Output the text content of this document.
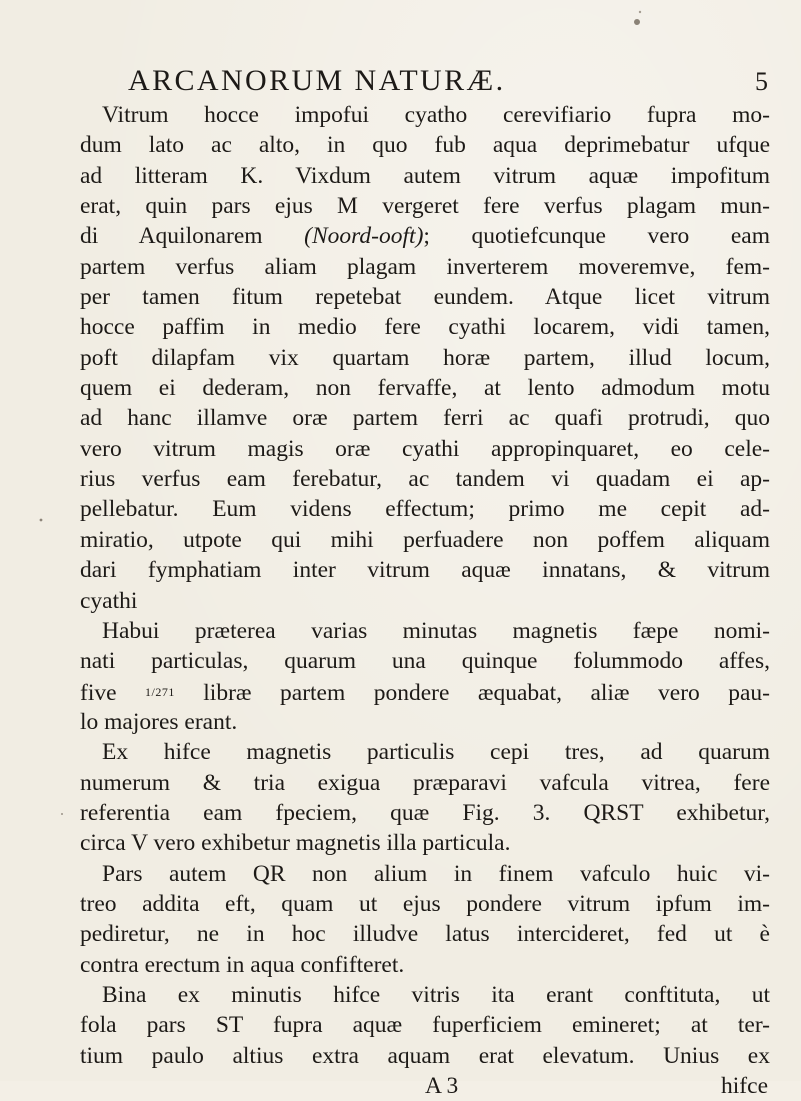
ARCANORUM NATURÆ.	5
Vitrum hocce impofui cyatho cerevifiario fupra mo-
dum lato ac alto, in quo fub aqua deprimebatur ufque
ad litteram K. Vixdum autem vitrum aquæ impofitum
erat, quin pars ejus M vergeret fere verfus plagam mun-
di Aquilonarem (Noord-ooft); quotiefcunque vero eam
partem verfus aliam plagam inverterem moveremve, fem-
per tamen fitum repetebat eundem. Atque licet vitrum
hocce paffim in medio fere cyathi locarem, vidi tamen,
poft dilapfam vix quartam horæ partem, illud locum,
quem ei dederam, non fervaffe, at lento admodum motu
ad hanc illamve oræ partem ferri ac quafi protrudi, quo
vero vitrum magis oræ cyathi appropinquaret, eo cele-
rius verfus eam ferebatur, ac tandem vi quadam ei ap-
pellebatur. Eum videns effectum; primo me cepit ad-
miratio, utpote qui mihi perfuadere non poffem aliquam
dari fymphatiam inter vitrum aquæ innatans, & vitrum
cyathi
Habui præterea varias minutas magnetis fæpe nomi-
nati particulas, quarum una quinque folummodo affes,
five 1/271 libræ partem pondere æquabat, aliæ vero pau-
lo majores erant.
Ex hifce magnetis particulis cepi tres, ad quarum
numerum & tria exigua præparavi vafcula vitrea, fere
referentia eam fpeciem, quæ Fig. 3. QRST exhibetur,
circa V vero exhibetur magnetis illa particula.
Pars autem QR non alium in finem vafculo huic vi-
treo addita eft, quam ut ejus pondere vitrum ipfum im-
pediretur, ne in hoc illudve latus intercideret, fed ut è
contra erectum in aqua confifteret.
Bina ex minutis hifce vitris ita erant conftituta, ut
fola pars ST fupra aquæ fuperficiem emineret; at ter-
tium paulo altius extra aquam erat elevatum. Unius ex
A 3	hifce
